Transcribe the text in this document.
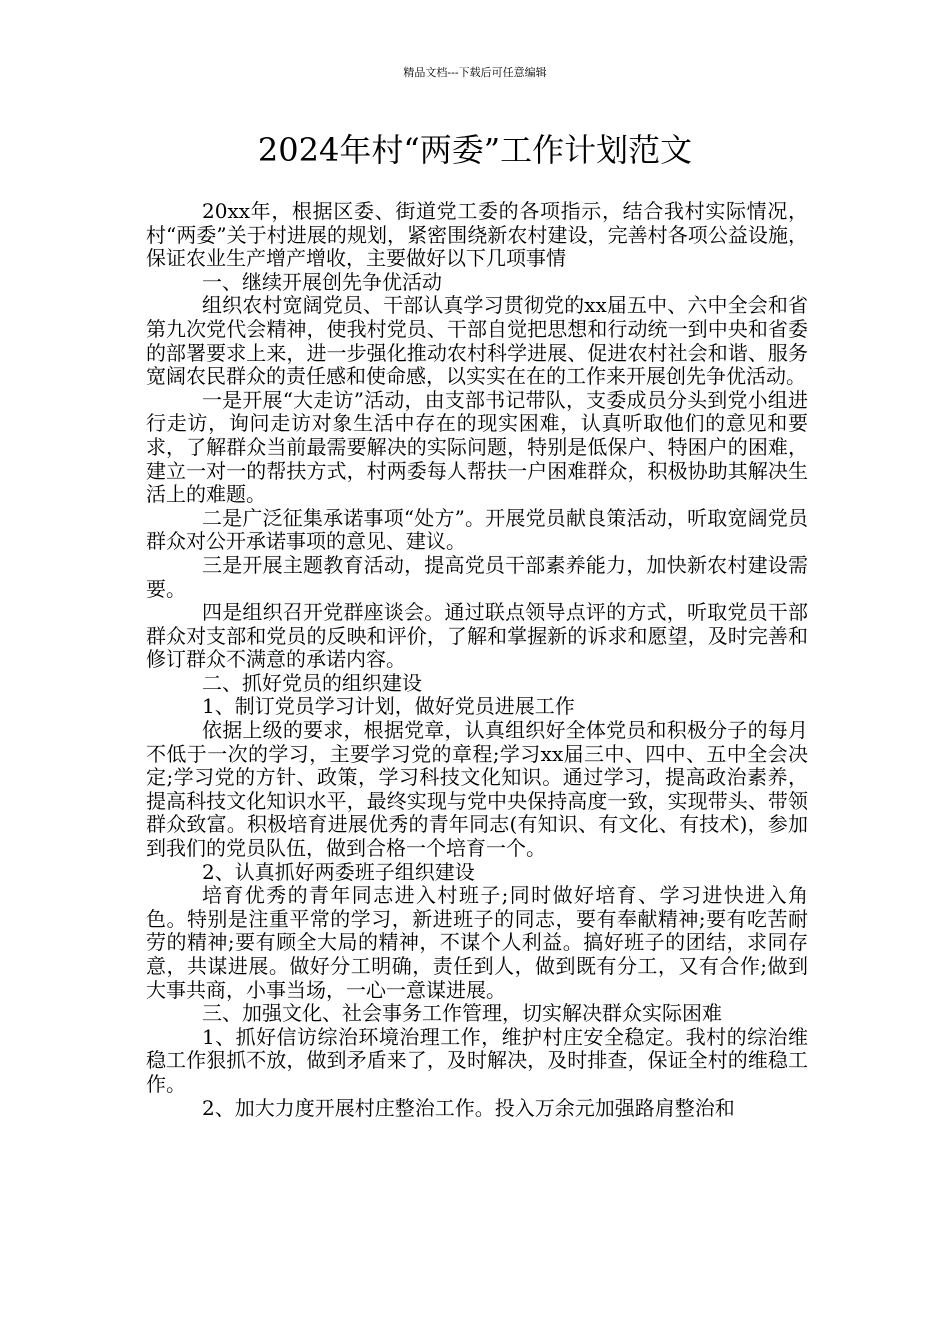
精品文档---下载后可任意编辑
2024年村“两委”工作计划范文

20xx年，根据区委、街道党工委的各项指示，结合我村实际情况，村“两委”关于村进展的规划，紧密围绕新农村建设，完善村各项公益设施，保证农业生产增产增收，主要做好以下几项事情

一、继续开展创先争优活动

组织农村宽阔党员、干部认真学习贯彻党的xx届五中、六中全会和省第九次党代会精神，使我村党员、干部自觉把思想和行动统一到中央和省委的部署要求上来，进一步强化推动农村科学进展、促进农村社会和谐、服务宽阔农民群众的责任感和使命感，以实实在在的工作来开展创先争优活动。

一是开展“大走访”活动，由支部书记带队，支委成员分头到党小组进行走访，询问走访对象生活中存在的现实困难，认真听取他们的意见和要求，了解群众当前最需要解决的实际问题，特别是低保户、特困户的困难，建立一对一的帮扶方式，村两委每人帮扶一户困难群众，积极协助其解决生活上的难题。

二是广泛征集承诺事项“处方”。开展党员献良策活动，听取宽阔党员群众对公开承诺事项的意见、建议。

三是开展主题教育活动，提高党员干部素养能力，加快新农村建设需要。

四是组织召开党群座谈会。通过联点领导点评的方式，听取党员干部群众对支部和党员的反映和评价，了解和掌握新的诉求和愿望，及时完善和修订群众不满意的承诺内容。

二、抓好党员的组织建设

1、制订党员学习计划，做好党员进展工作

依据上级的要求，根据党章，认真组织好全体党员和积极分子的每月不低于一次的学习，主要学习党的章程;学习xx届三中、四中、五中全会决定;学习党的方针、政策，学习科技文化知识。通过学习，提高政治素养，提高科技文化知识水平，最终实现与党中央保持高度一致，实现带头、带领群众致富。积极培育进展优秀的青年同志(有知识、有文化、有技术)，参加到我们的党员队伍，做到合格一个培育一个。

2、认真抓好两委班子组织建设

培育优秀的青年同志进入村班子;同时做好培育、学习进快进入角色。特别是注重平常的学习，新进班子的同志，要有奉献精神;要有吃苦耐劳的精神;要有顾全大局的精神，不谋个人利益。搞好班子的团结，求同存意，共谋进展。做好分工明确，责任到人，做到既有分工，又有合作;做到大事共商，小事当场，一心一意谋进展。

三、加强文化、社会事务工作管理，切实解决群众实际困难

1、抓好信访综治环境治理工作，维护村庄安全稳定。我村的综治维稳工作狠抓不放，做到矛盾来了，及时解决，及时排查，保证全村的维稳工作。

2、加大力度开展村庄整治工作。投入万余元加强路肩整治和
